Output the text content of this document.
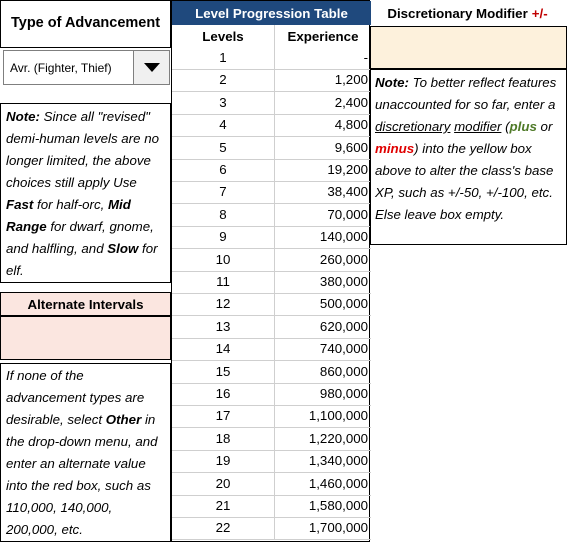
Type of Advancement
Avr. (Fighter, Thief)
Note: Since all "revised" demi-human levels are no longer limited, the above choices still apply Use Fast for half-orc, Mid Range for dwarf, gnome, and halfling, and Slow for elf.
Alternate Intervals
If none of the advancement types are desirable, select Other in the drop-down menu, and enter an alternate value into the red box, such as 110,000, 140,000, 200,000, etc.
Level Progression Table
Levels	Experience
1	-
2	1,200
3	2,400
4	4,800
5	9,600
6	19,200
7	38,400
8	70,000
9	140,000
10	260,000
11	380,000
12	500,000
13	620,000
14	740,000
15	860,000
16	980,000
17	1,100,000
18	1,220,000
19	1,340,000
20	1,460,000
21	1,580,000
22	1,700,000
Discretionary Modifier +/-
Note: To better reflect features unaccounted for so far, enter a discretionary modifier (plus or minus) into the yellow box above to alter the class's base XP, such as +/-50, +/-100, etc. Else leave box empty.
